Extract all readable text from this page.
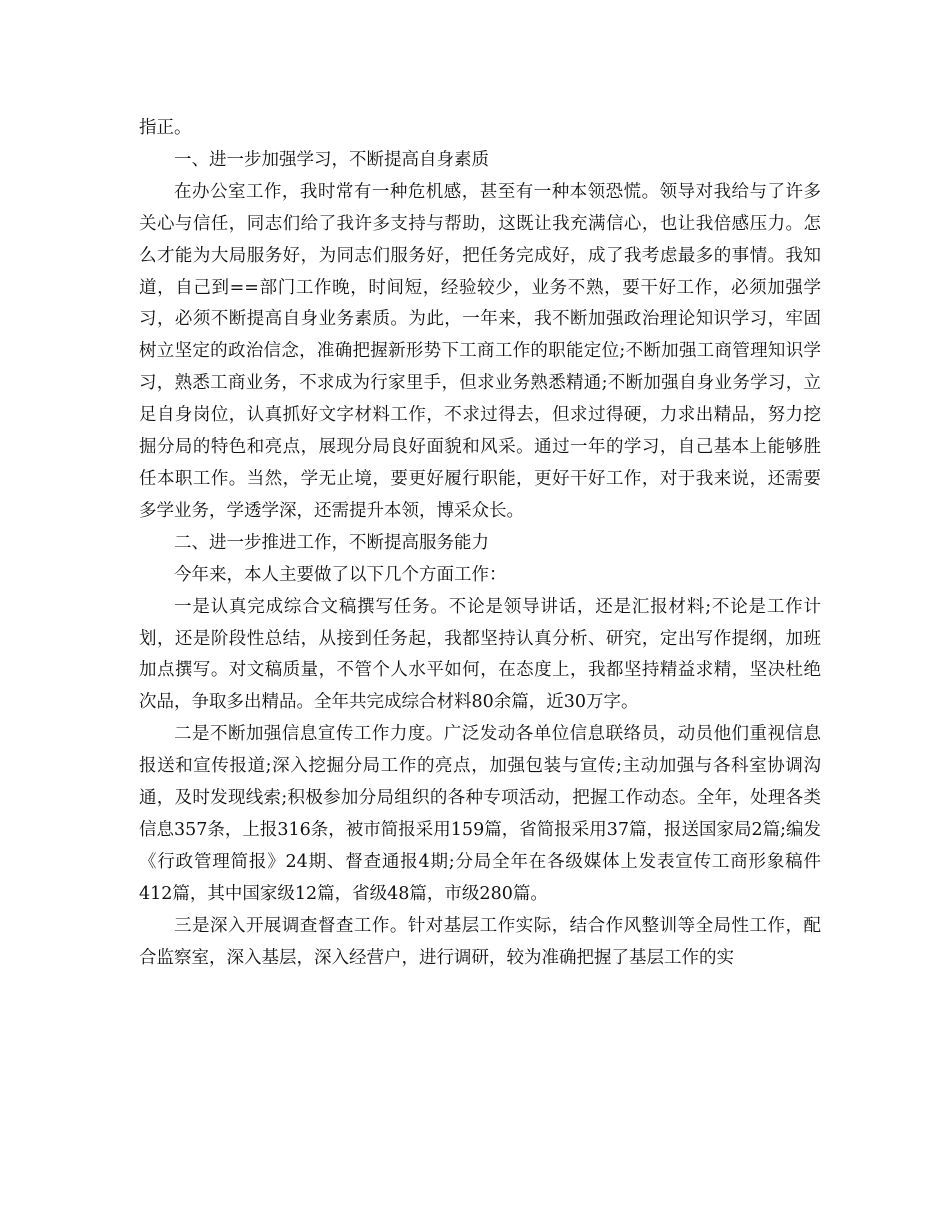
指正。

一、进一步加强学习，不断提高自身素质

在办公室工作，我时常有一种危机感，甚至有一种本领恐慌。领导对我给与了许多关心与信任，同志们给了我许多支持与帮助，这既让我充满信心，也让我倍感压力。怎么才能为大局服务好，为同志们服务好，把任务完成好，成了我考虑最多的事情。我知道，自己到==部门工作晚，时间短，经验较少，业务不熟，要干好工作，必须加强学习，必须不断提高自身业务素质。为此，一年来，我不断加强政治理论知识学习，牢固树立坚定的政治信念，准确把握新形势下工商工作的职能定位;不断加强工商管理知识学习，熟悉工商业务，不求成为行家里手，但求业务熟悉精通;不断加强自身业务学习，立足自身岗位，认真抓好文字材料工作，不求过得去，但求过得硬，力求出精品，努力挖掘分局的特色和亮点，展现分局良好面貌和风采。通过一年的学习，自己基本上能够胜任本职工作。当然，学无止境，要更好履行职能，更好干好工作，对于我来说，还需要多学业务，学透学深，还需提升本领，博采众长。

二、进一步推进工作，不断提高服务能力

今年来，本人主要做了以下几个方面工作：

一是认真完成综合文稿撰写任务。不论是领导讲话，还是汇报材料;不论是工作计划，还是阶段性总结，从接到任务起，我都坚持认真分析、研究，定出写作提纲，加班加点撰写。对文稿质量，不管个人水平如何，在态度上，我都坚持精益求精，坚决杜绝次品，争取多出精品。全年共完成综合材料80余篇，近30万字。

二是不断加强信息宣传工作力度。广泛发动各单位信息联络员，动员他们重视信息报送和宣传报道;深入挖掘分局工作的亮点，加强包装与宣传;主动加强与各科室协调沟通，及时发现线索;积极参加分局组织的各种专项活动，把握工作动态。全年，处理各类信息357条，上报316条，被市简报采用159篇，省简报采用37篇，报送国家局2篇;编发《行政管理简报》24期、督查通报4期;分局全年在各级媒体上发表宣传工商形象稿件412篇，其中国家级12篇，省级48篇，市级280篇。

三是深入开展调查督查工作。针对基层工作实际，结合作风整训等全局性工作，配合监察室，深入基层，深入经营户，进行调研，较为准确把握了基层工作的实
